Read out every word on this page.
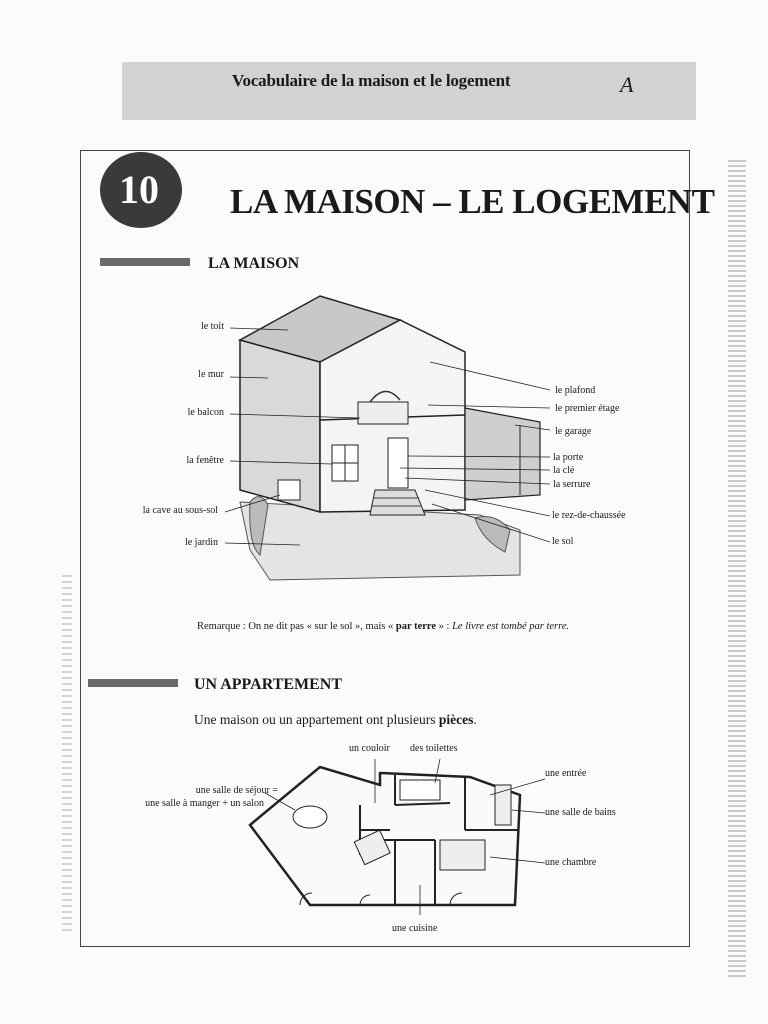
Vocabulaire de la maison et le logement	A
10	LA MAISON – LE LOGEMENT
LA MAISON
le toit
le mur
le balcon
la fenêtre
la cave au sous-sol
le jardin
le plafond
le premier étage
le garage
la porte
la clé
la serrure
le rez-de-chaussée
le sol
Remarque : On ne dit pas « sur le sol », mais « par terre » : Le livre est tombé par terre.
UN APPARTEMENT
Une maison ou un appartement ont plusieurs pièces.
un couloir des toilettes
une entrée
une salle de séjour =
une salle à manger + un salon
une salle de bains
une chambre
une cuisine
